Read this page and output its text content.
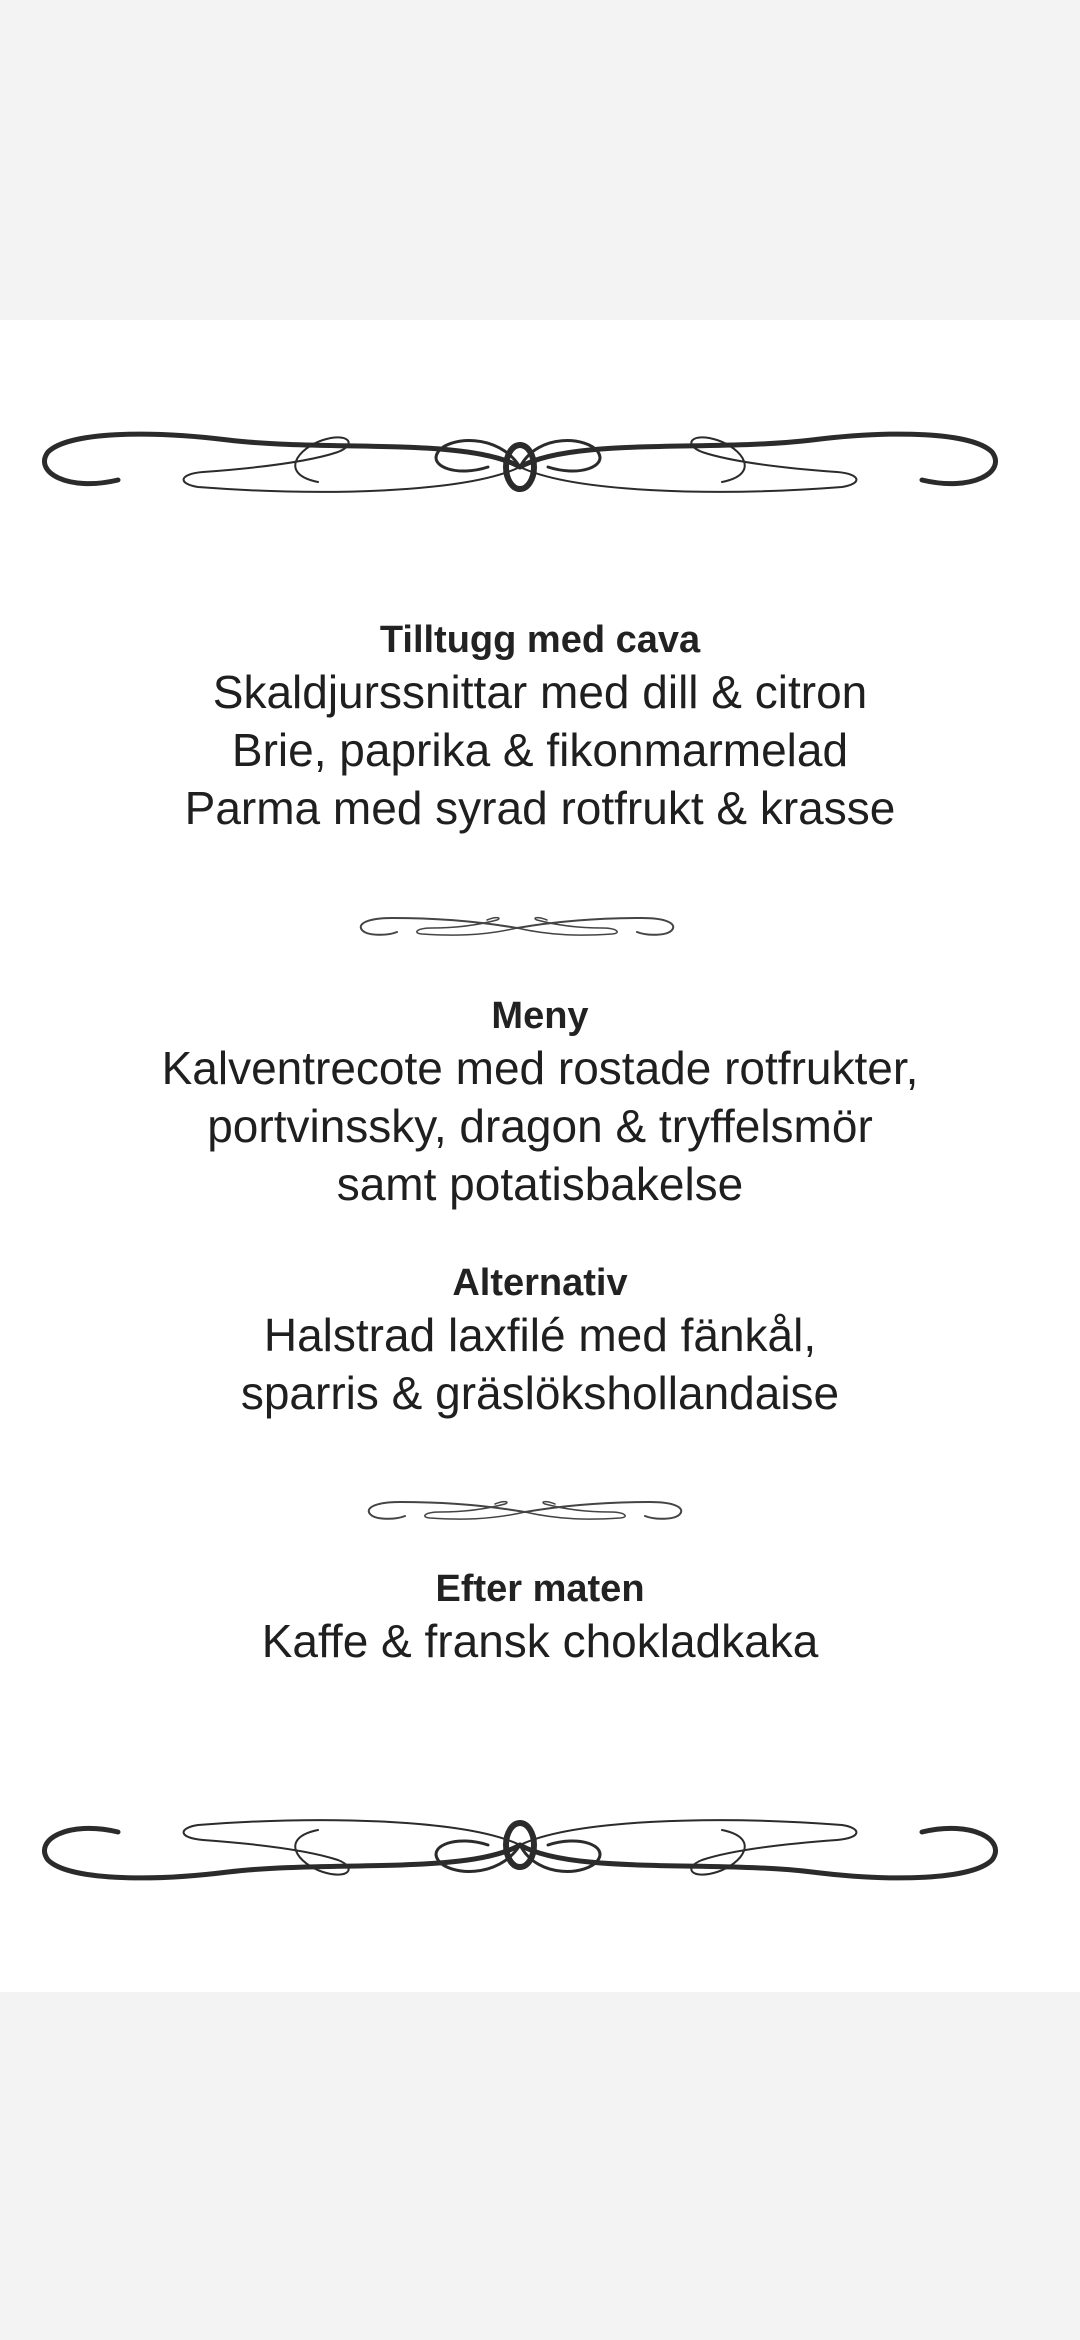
Tilltugg med cava

Skaldjurssnittar med dill & citron

Brie, paprika & fikonmarmelad

Parma med syrad rotfrukt & krasse

Meny

Kalventrecote med rostade rotfrukter,

portvinssky, dragon & tryffelsmör

samt potatisbakelse

Alternativ

Halstrad laxfilé med fänkål,

sparris & gräslökshollandaise

Efter maten

Kaffe & fransk chokladkaka
